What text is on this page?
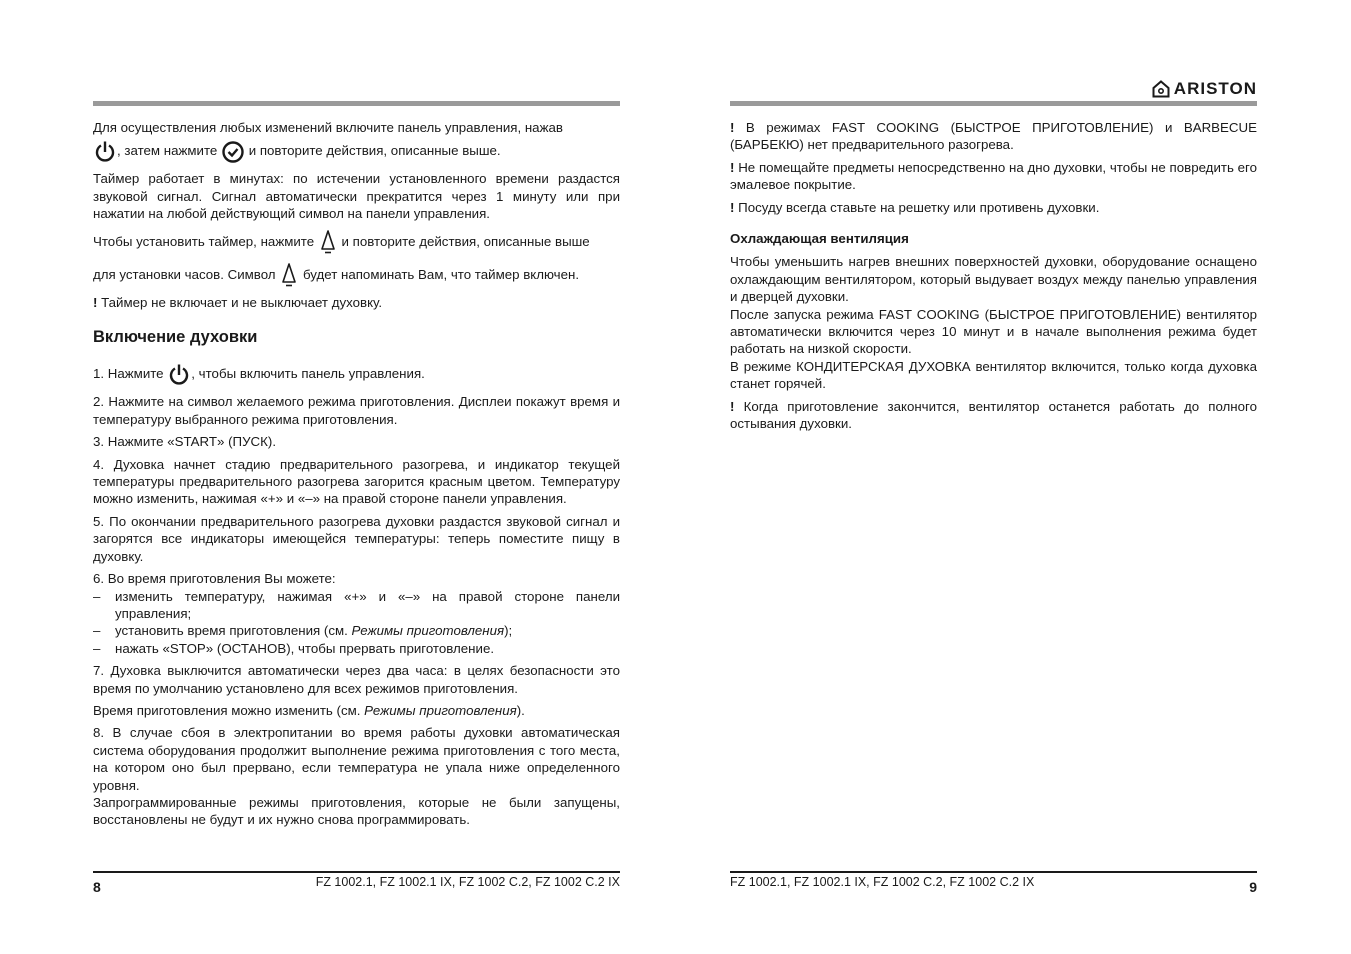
Для осуществления любых изменений включите панель управления, нажав

, затем нажмите и повторите действия, описанные выше.

Таймер работает в минутах: по истечении установленного времени раздастся звуковой сигнал. Сигнал автоматически прекратится через 1 минуту или при нажатии на любой действующий символ на панели управления.

Чтобы установить таймер, нажмите и повторите действия, описанные выше

для установки часов. Символ будет напоминать Вам, что таймер включен.

! Таймер не включает и не выключает духовку.

Включение духовки

1. Нажмите , чтобы включить панель управления.

2. Нажмите на символ желаемого режима приготовления. Дисплеи покажут время и температуру выбранного режима приготовления.

3. Нажмите «START» (ПУСК).

4. Духовка начнет стадию предварительного разогрева, и индикатор текущей температуры предварительного разогрева загорится красным цветом. Температуру можно изменить, нажимая «+» и «–» на правой стороне панели управления.

5. По окончании предварительного разогрева духовки раздастся звуковой сигнал и загорятся все индикаторы имеющейся температуры: теперь поместите пищу в духовку.

6. Во время приготовления Вы можете:

–	изменить температуру, нажимая «+» и «–» на правой стороне панели управления;
–	установить время приготовления (см. Режимы приготовления);
–	нажать «STOP» (ОСТАНОВ), чтобы прервать приготовление.

7. Духовка выключится автоматически через два часа: в целях безопасности это время по умолчанию установлено для всех режимов приготовления.

Время приготовления можно изменить (см. Режимы приготовления).

8. В случае сбоя в электропитании во время работы духовки автоматическая система оборудования продолжит выполнение режима приготовления с того места, на котором оно был прервано, если температура не упала ниже определенного уровня.

Запрограммированные режимы приготовления, которые не были запущены, восстановлены не будут и их нужно снова программировать.

8	FZ 1002.1, FZ 1002.1 IX, FZ 1002 C.2, FZ 1002 C.2 IX
ARISTON

! В режимах FAST COOKING (БЫСТРОЕ ПРИГОТОВЛЕНИЕ) и BARBECUE (БАРБЕКЮ) нет предварительного разогрева.

! Не помещайте предметы непосредственно на дно духовки, чтобы не повредить его эмалевое покрытие.

! Посуду всегда ставьте на решетку или противень духовки.

Охлаждающая вентиляция

Чтобы уменьшить нагрев внешних поверхностей духовки, оборудование оснащено охлаждающим вентилятором, который выдувает воздух между панелью управления и дверцей духовки.

После запуска режима FAST COOKING (БЫСТРОЕ ПРИГОТОВЛЕНИЕ) вентилятор автоматически включится через 10 минут и в начале выполнения режима будет работать на низкой скорости.

В режиме КОНДИТЕРСКАЯ ДУХОВКА вентилятор включится, только когда духовка станет горячей.

! Когда приготовление закончится, вентилятор останется работать до полного остывания духовки.

FZ 1002.1, FZ 1002.1 IX, FZ 1002 C.2, FZ 1002 C.2 IX	9
